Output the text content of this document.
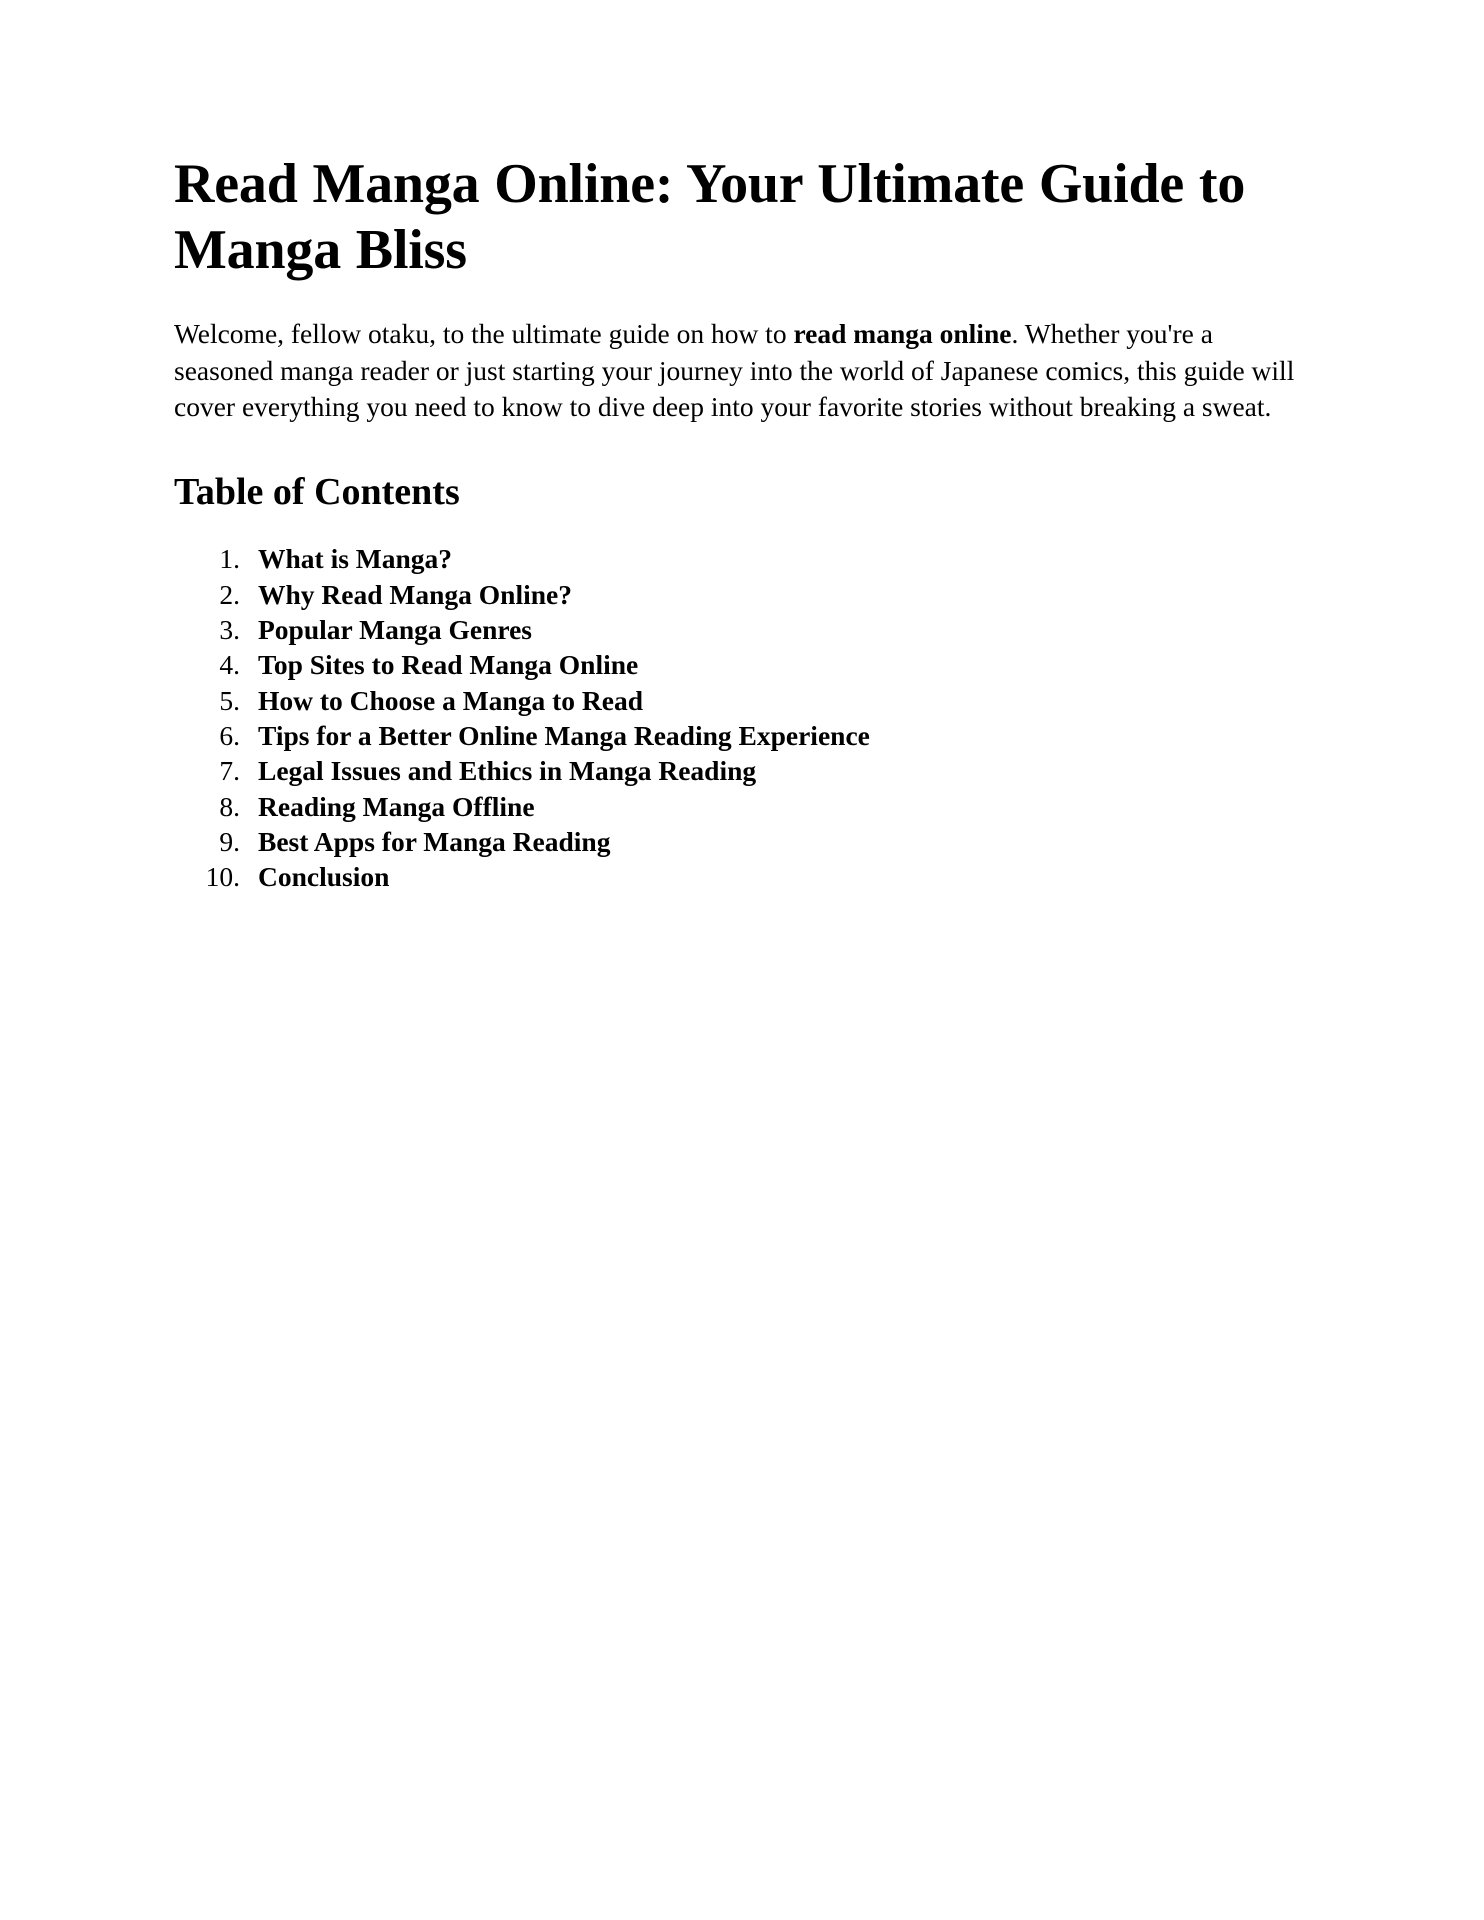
Read Manga Online: Your Ultimate Guide to Manga Bliss

Welcome, fellow otaku, to the ultimate guide on how to read manga online. Whether you're a seasoned manga reader or just starting your journey into the world of Japanese comics, this guide will cover everything you need to know to dive deep into your favorite stories without breaking a sweat.

Table of Contents
What is Manga?
Why Read Manga Online?
Popular Manga Genres
Top Sites to Read Manga Online
How to Choose a Manga to Read
Tips for a Better Online Manga Reading Experience
Legal Issues and Ethics in Manga Reading
Reading Manga Offline
Best Apps for Manga Reading
Conclusion
